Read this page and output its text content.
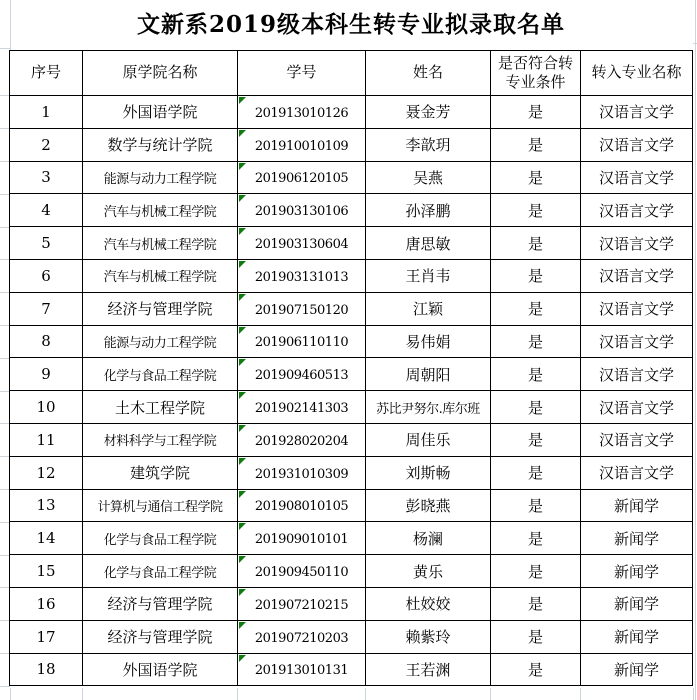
文新系2019级本科生转专业拟录取名单
序号	原学院名称	学号	姓名	是否符合转专业条件	转入专业名称
1	外国语学院	201913010126	聂金芳	是	汉语言文学
2	数学与统计学院	201910010109	李歆玥	是	汉语言文学
3	能源与动力工程学院	201906120105	吴燕	是	汉语言文学
4	汽车与机械工程学院	201903130106	孙泽鹏	是	汉语言文学
5	汽车与机械工程学院	201903130604	唐思敏	是	汉语言文学
6	汽车与机械工程学院	201903131013	王肖韦	是	汉语言文学
7	经济与管理学院	201907150120	江颖	是	汉语言文学
8	能源与动力工程学院	201906110110	易伟娟	是	汉语言文学
9	化学与食品工程学院	201909460513	周朝阳	是	汉语言文学
10	土木工程学院	201902141303	苏比尹努尔.库尔班	是	汉语言文学
11	材料科学与工程学院	201928020204	周佳乐	是	汉语言文学
12	建筑学院	201931010309	刘斯畅	是	汉语言文学
13	计算机与通信工程学院	201908010105	彭晓燕	是	新闻学
14	化学与食品工程学院	201909010101	杨澜	是	新闻学
15	化学与食品工程学院	201909450110	黄乐	是	新闻学
16	经济与管理学院	201907210215	杜姣姣	是	新闻学
17	经济与管理学院	201907210203	赖紫玲	是	新闻学
18	外国语学院	201913010131	王若渊	是	新闻学
